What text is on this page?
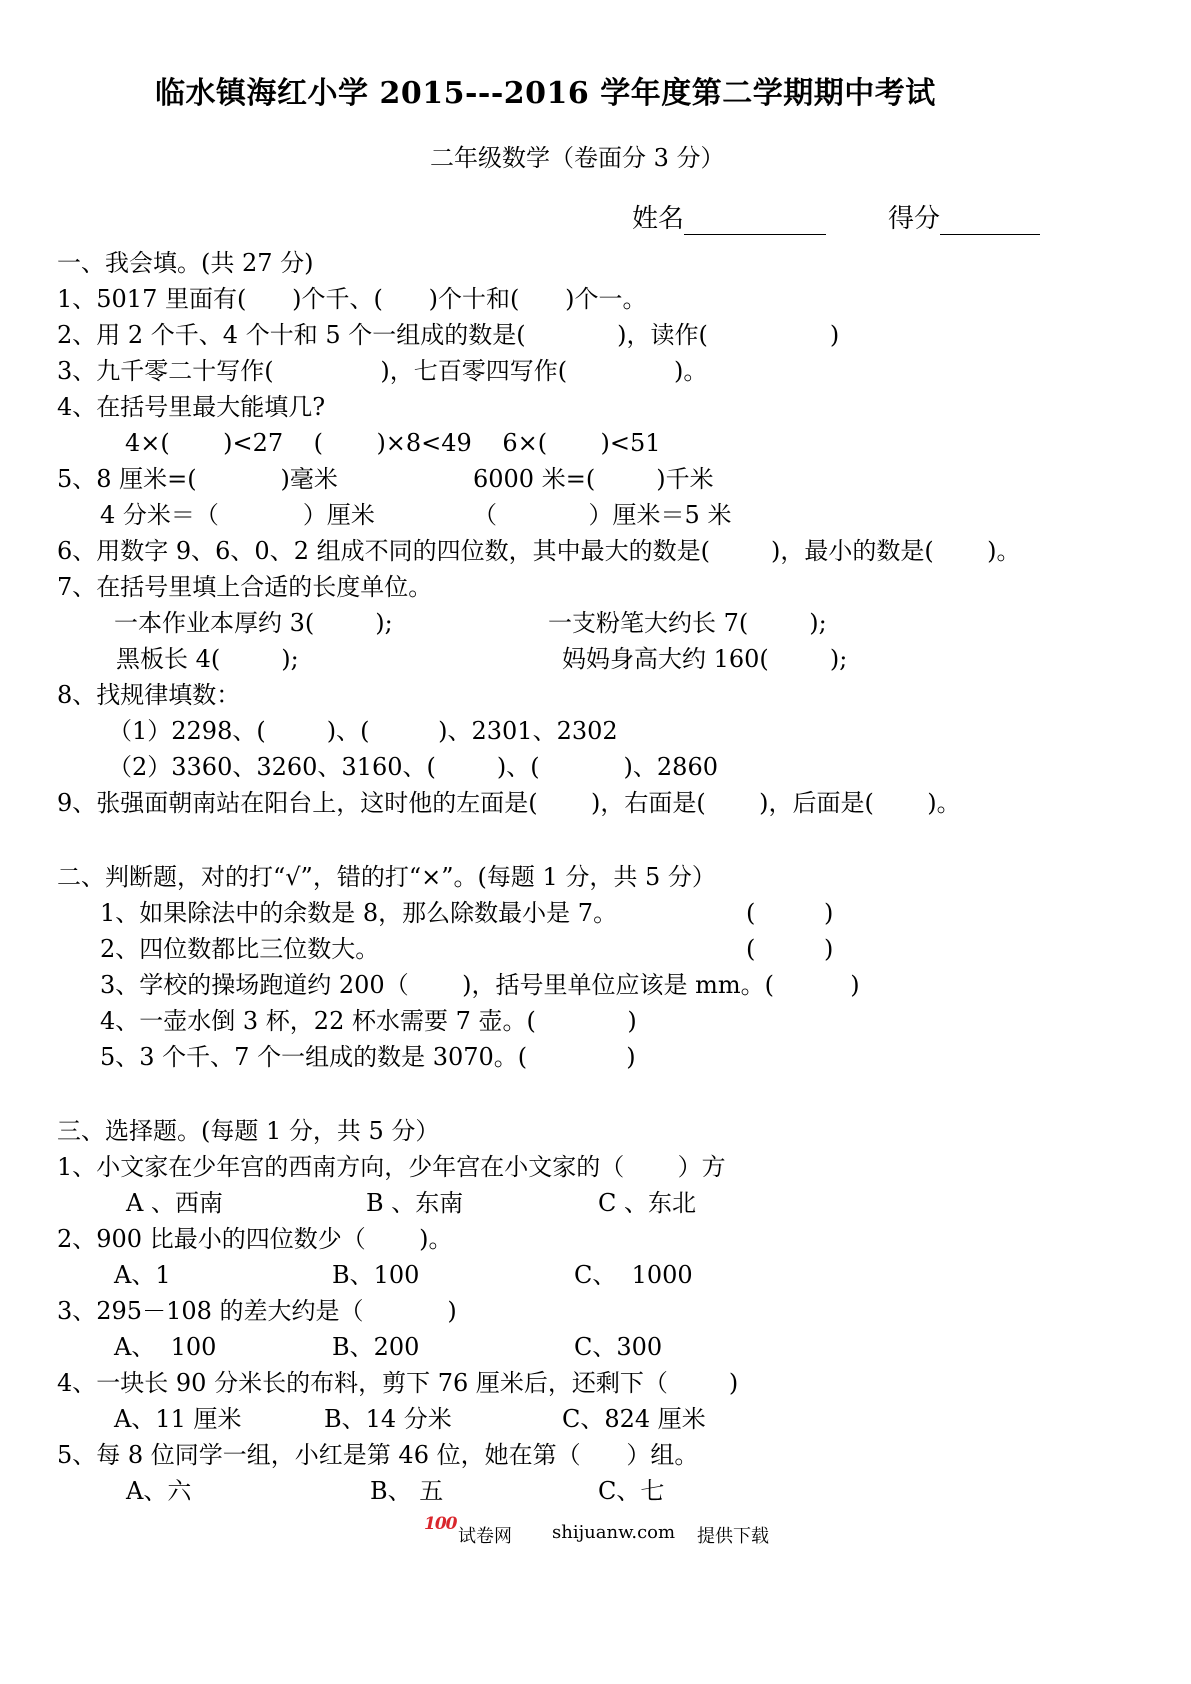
临水镇海红小学 2015---2016 学年度第二学期期中考试
二年级数学（卷面分 3 分）
姓名	得分
一、我会填。(共 27 分)
1、5017 里面有(      )个千、(      )个十和(      )个一。
2、用 2 个千、4 个十和 5 个一组成的数是(            )，读作(                )
3、九千零二十写作(              )，七百零四写作(              )。
4、在括号里最大能填几?
4×(       )<27    (       )×8<49    6×(       )<51
5、8 厘米=(           )毫米	6000 米=(        )千米
4 分米＝（           ）厘米	（            ）厘米＝5 米
6、用数字 9、6、0、2 组成不同的四位数，其中最大的数是(        )，最小的数是(       )。
7、在括号里填上合适的长度单位。
一本作业本厚约 3(        );	一支粉笔大约长 7(        );
黑板长 4(        );	妈妈身高大约 160(        );
8、找规律填数：
（1）2298、(        )、(         )、2301、2302
（2）3360、3260、3160、(        )、(           )、2860
9、张强面朝南站在阳台上，这时他的左面是(       )，右面是(       )，后面是(       )。
二、判断题，对的打“√”，错的打“×”。(每题 1 分，共 5 分）
1、如果除法中的余数是 8，那么除数最小是 7。	(         )
2、四位数都比三位数大。	(         )
3、学校的操场跑道约 200（       )，括号里单位应该是 mm。(          )
4、一壶水倒 3 杯，22 杯水需要 7 壶。(            )
5、3 个千、7 个一组成的数是 3070。(             )
三、选择题。(每题 1 分，共 5 分）
1、小文家在少年宫的西南方向，少年宫在小文家的（       ）方
A 、西南	B 、东南	C 、东北
2、900 比最小的四位数少（       )。
A、1	B、100	C、  1000
3、295－108 的差大约是（           )
A、  100	B、200	C、300
4、一块长 90 分米长的布料，剪下 76 厘米后，还剩下（        )
A、11 厘米	B、14 分米	C、824 厘米
5、每 8 位同学一组，小红是第 46 位，她在第（      ）组。
A、六	B、 五	C、七
100
试卷网 shijuanw.com 提供下载
